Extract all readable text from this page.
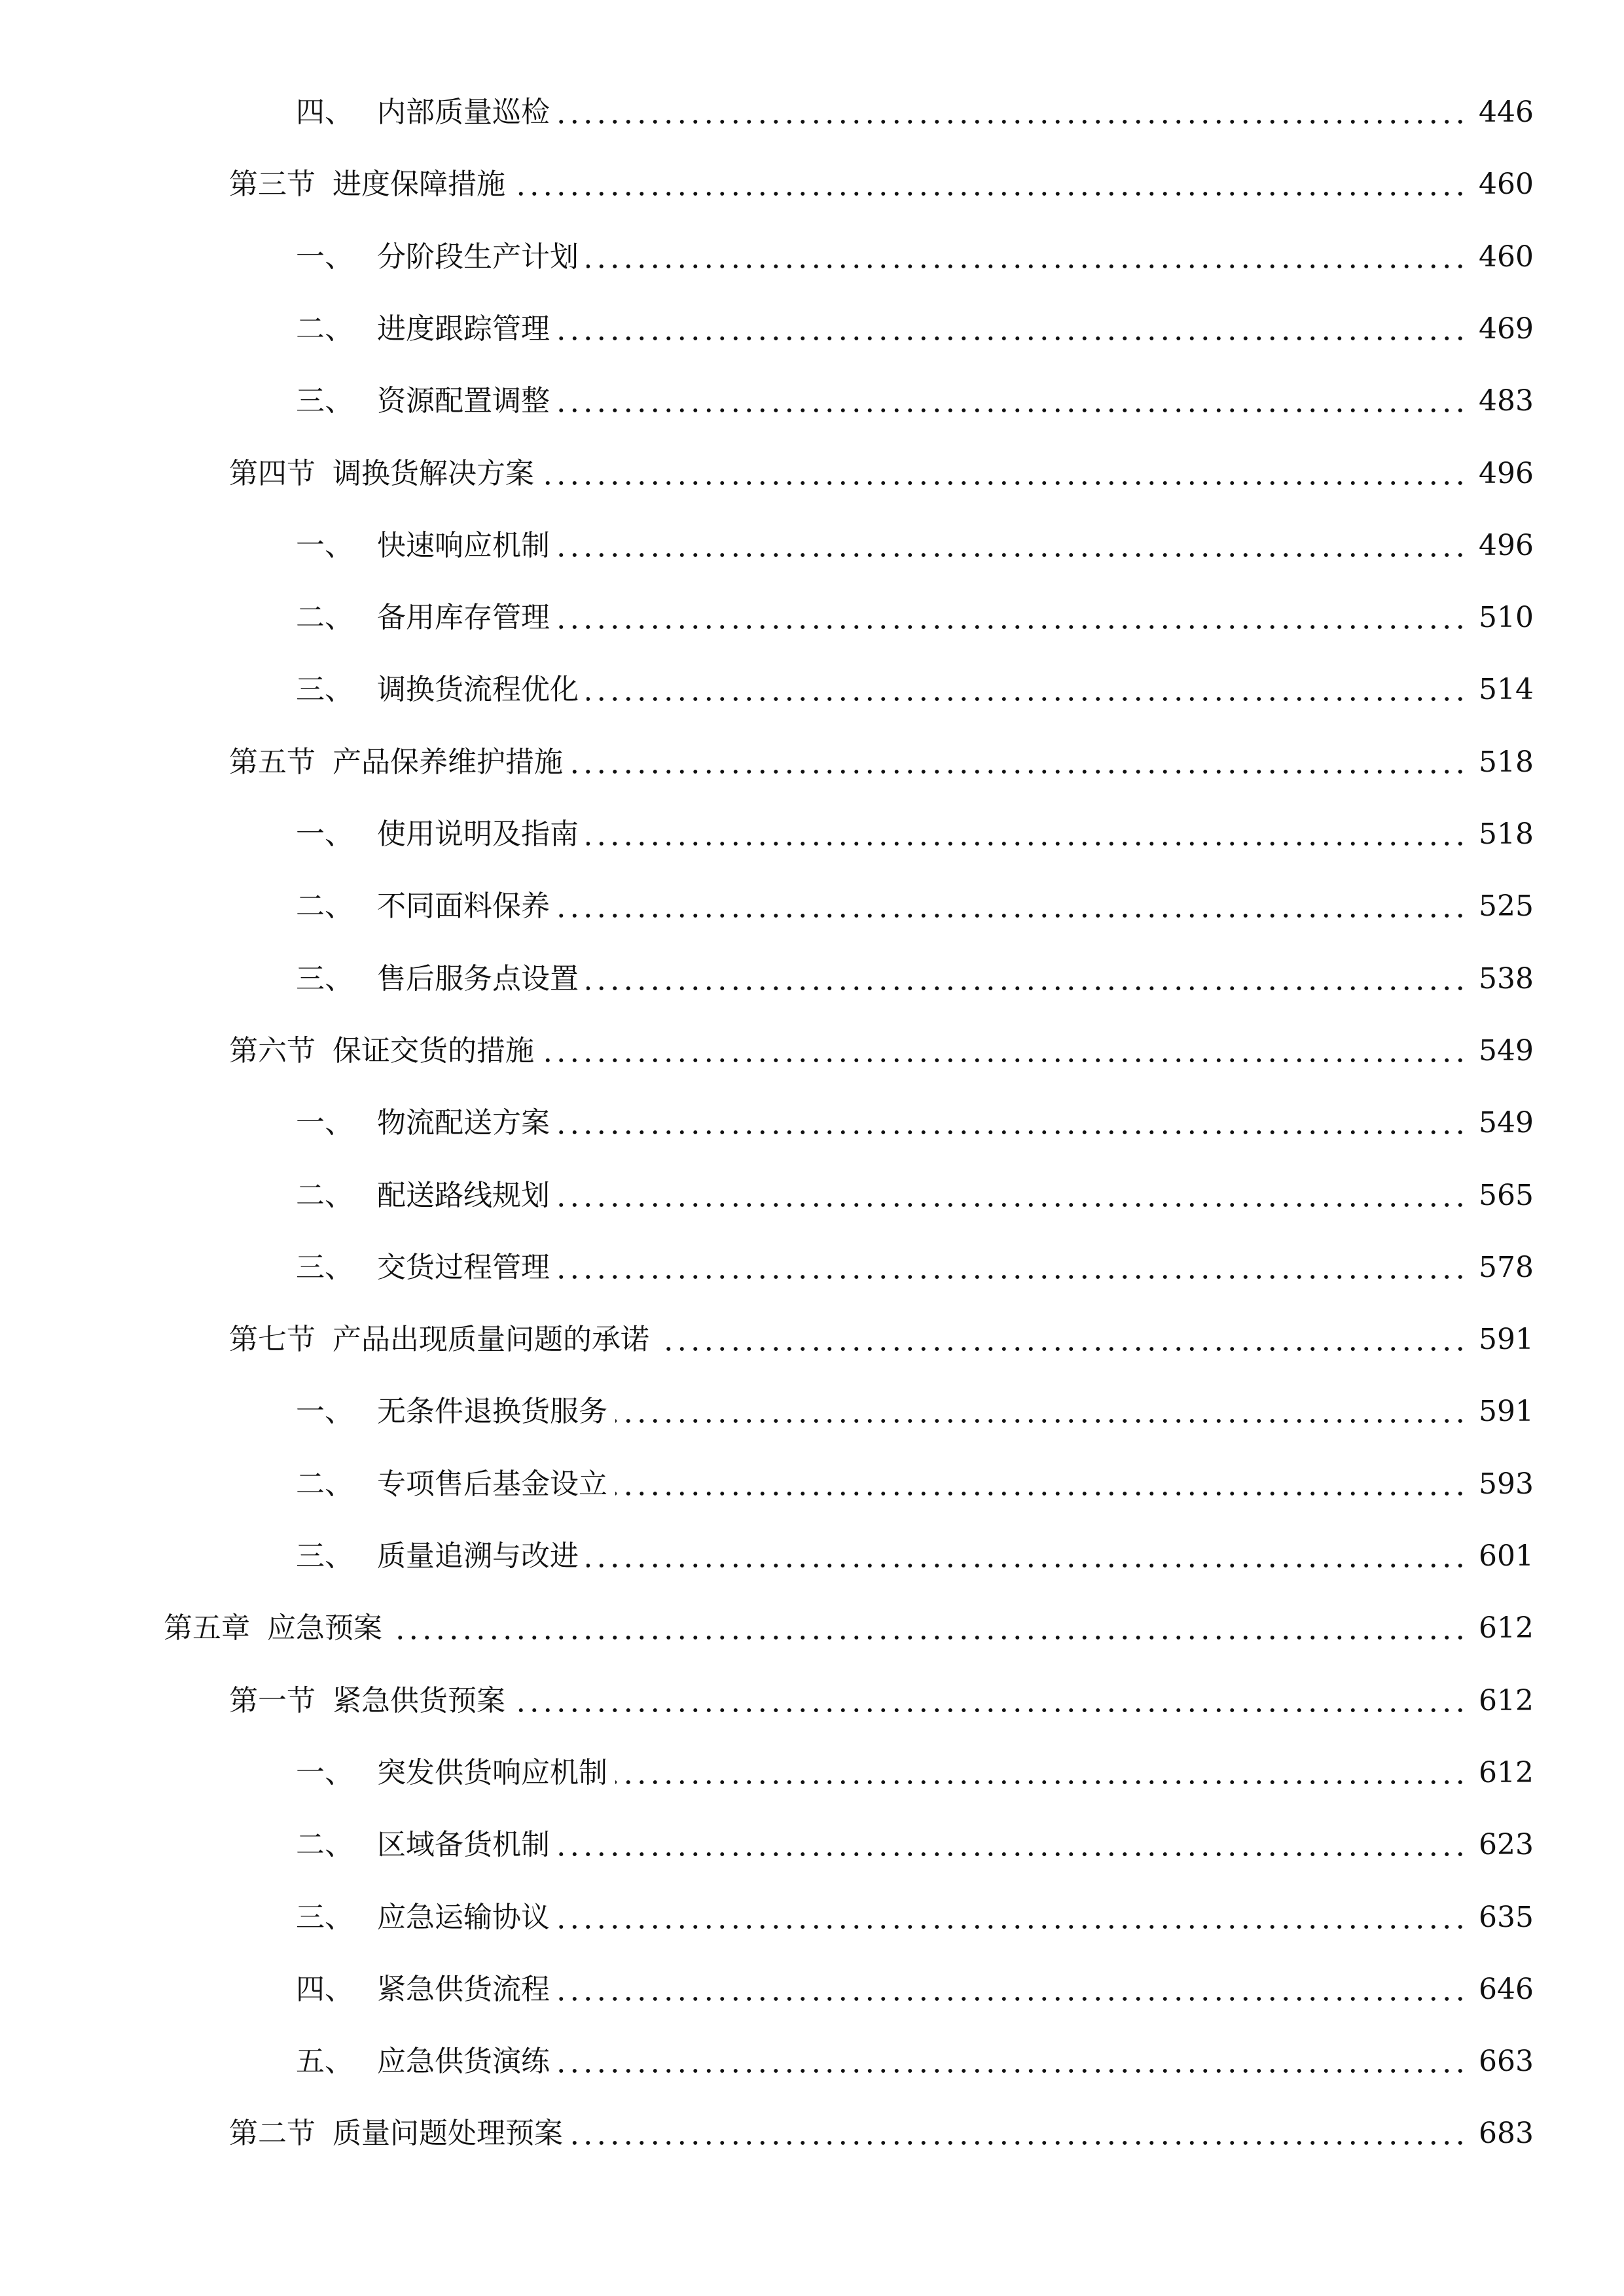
四、 内部质量巡检	446
第三节 进度保障措施	460
一、 分阶段生产计划	460
二、 进度跟踪管理	469
三、 资源配置调整	483
第四节 调换货解决方案	496
一、 快速响应机制	496
二、 备用库存管理	510
三、 调换货流程优化	514
第五节 产品保养维护措施	518
一、 使用说明及指南	518
二、 不同面料保养	525
三、 售后服务点设置	538
第六节 保证交货的措施	549
一、 物流配送方案	549
二、 配送路线规划	565
三、 交货过程管理	578
第七节 产品出现质量问题的承诺	591
一、 无条件退换货服务	591
二、 专项售后基金设立	593
三、 质量追溯与改进	601
第五章 应急预案	612
第一节 紧急供货预案	612
一、 突发供货响应机制	612
二、 区域备货机制	623
三、 应急运输协议	635
四、 紧急供货流程	646
五、 应急供货演练	663
第二节 质量问题处理预案	683
